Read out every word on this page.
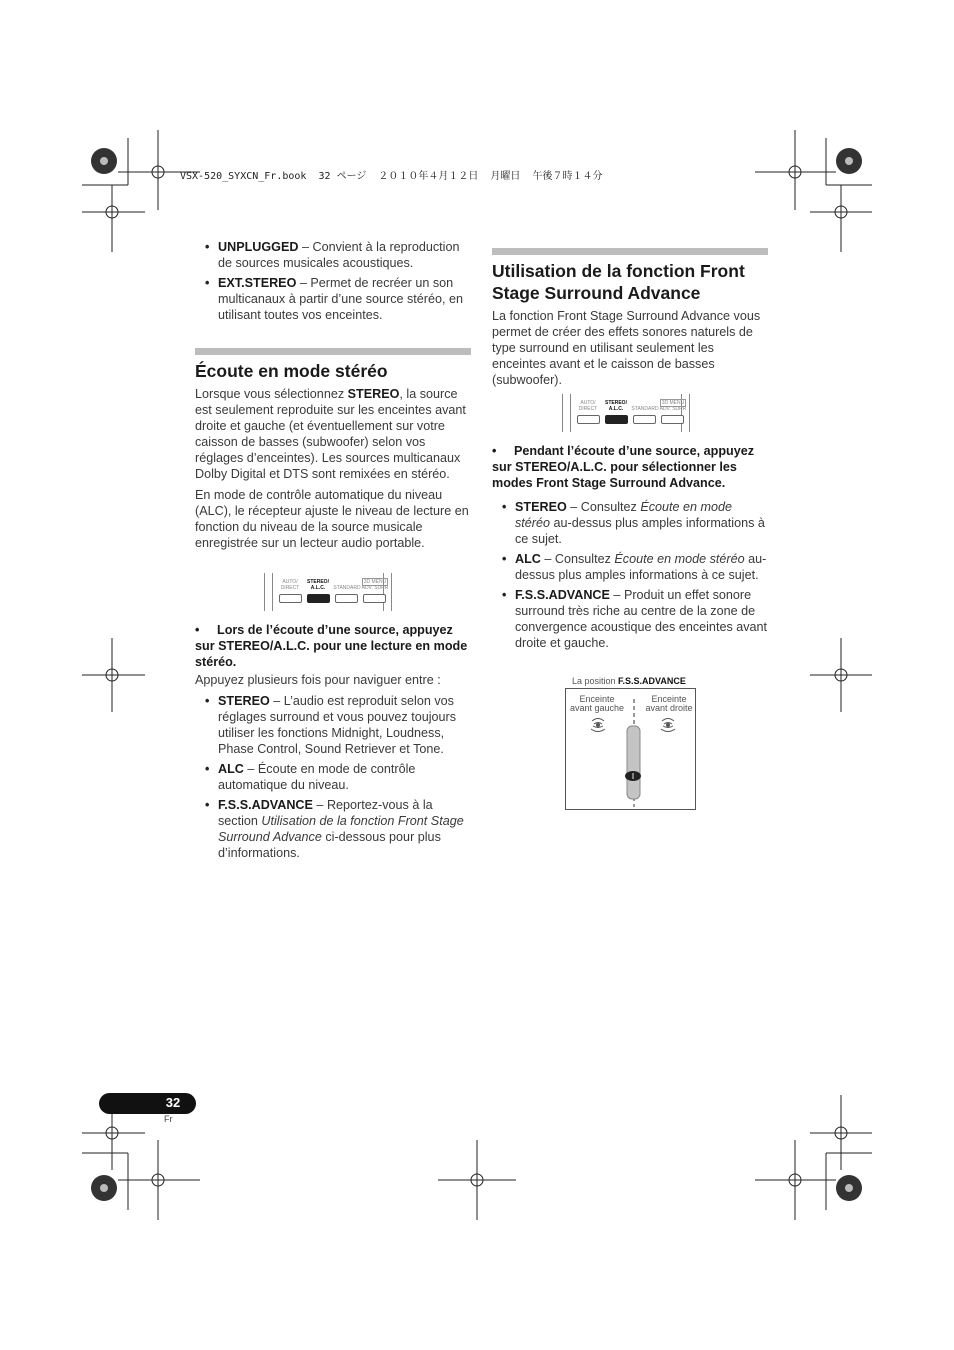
VSX-520_SYXCN_Fr.book  32 ページ  ２０１０年４月１２日  月曜日  午後７時１４分
• UNPLUGGED – Convient à la reproduction de sources musicales acoustiques.
• EXT.STEREO – Permet de recréer un son multicanaux à partir d’une source stéréo, en utilisant toutes vos enceintes.
Écoute en mode stéréo

Lorsque vous sélectionnez STEREO, la source est seulement reproduite sur les enceintes avant droite et gauche (et éventuellement sur votre caisson de basses (subwoofer) selon vos réglages d’enceintes). Les sources multicanaux Dolby Digital et DTS sont remixées en stéréo.

En mode de contrôle automatique du niveau (ALC), le récepteur ajuste le niveau de lecture en fonction du niveau de la source musicale enregistrée sur un lecteur audio portable.

AUTO/
DIRECT
STEREO/
A.L.C.	STANDARD
3D MENU
ADV. SURR

• Lors de l’écoute d’une source, appuyez sur STEREO/A.L.C. pour une lecture en mode stéréo.

Appuyez plusieurs fois pour naviguer entre :

• STEREO – L’audio est reproduit selon vos réglages surround et vous pouvez toujours utiliser les fonctions Midnight, Loudness, Phase Control, Sound Retriever et Tone.
• ALC – Écoute en mode de contrôle automatique du niveau.
• F.S.S.ADVANCE – Reportez-vous à la section Utilisation de la fonction Front Stage Surround Advance ci-dessous pour plus d’informations.
Utilisation de la fonction Front Stage Surround Advance

La fonction Front Stage Surround Advance vous permet de créer des effets sonores naturels de type surround en utilisant seulement les enceintes avant et le caisson de basses (subwoofer).

AUTO/
DIRECT
STEREO/
A.L.C.	STANDARD
3D MENU
ADV. SURR

• Pendant l’écoute d’une source, appuyez sur STEREO/A.L.C. pour sélectionner les modes Front Stage Surround Advance.

• STEREO – Consultez Écoute en mode stéréo au-dessus plus amples informations à ce sujet.
• ALC – Consultez Écoute en mode stéréo au-dessus plus amples informations à ce sujet.
• F.S.S.ADVANCE – Produit un effet sonore surround très riche au centre de la zone de convergence acoustique des enceintes avant droite et gauche.
La position F.S.S.ADVANCE
Enceinte
avant gauche
Enceinte
avant droite
32
Fr
